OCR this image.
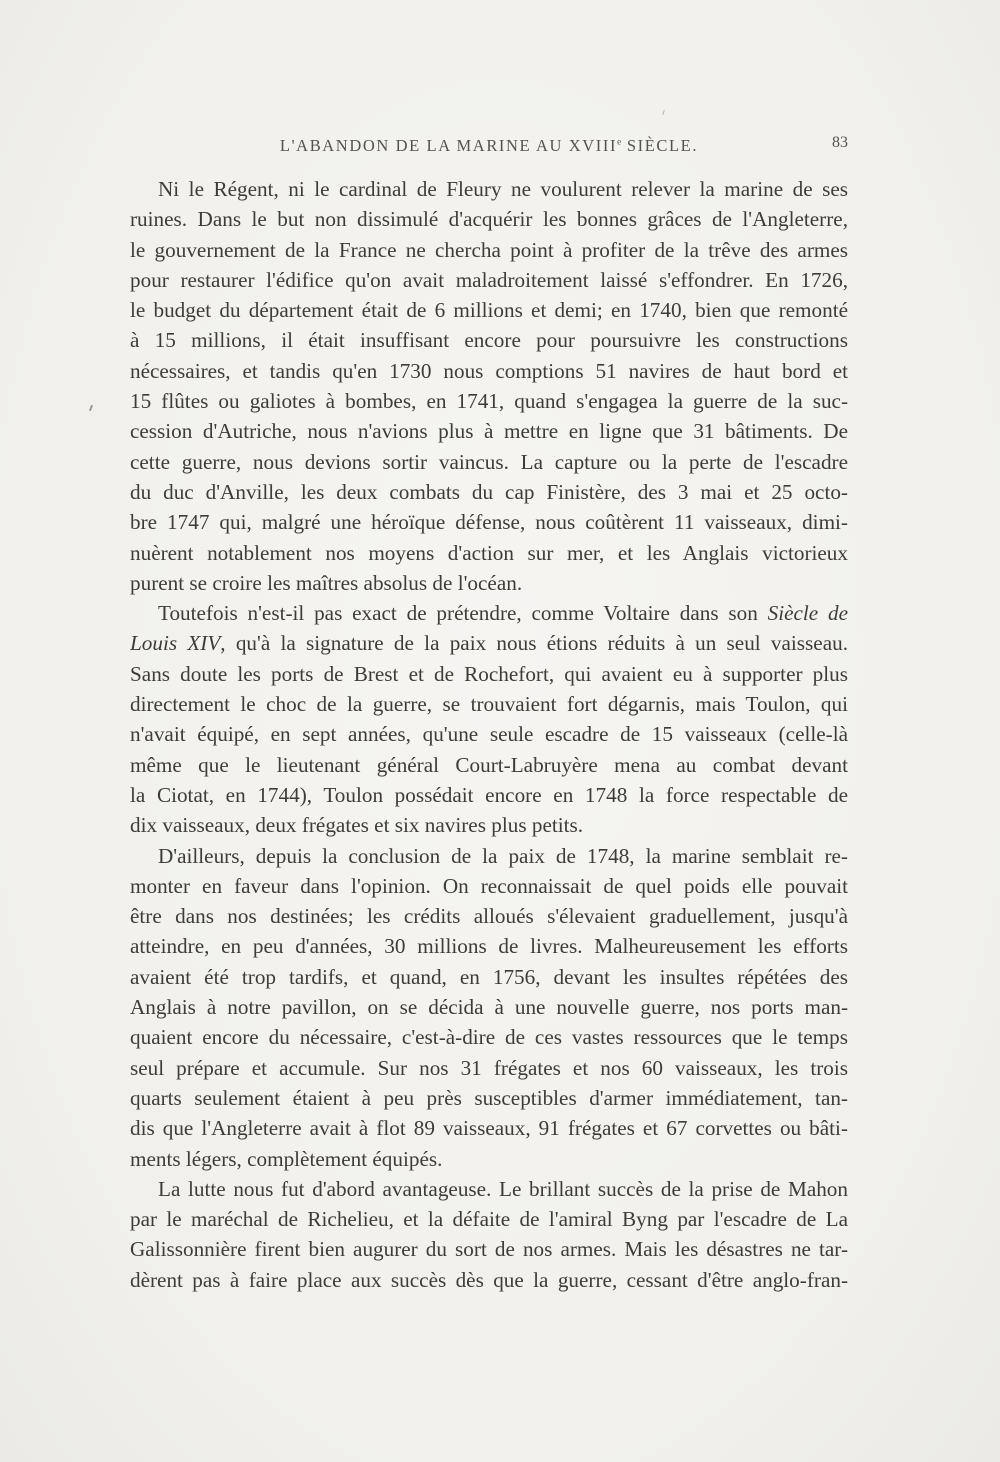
L'ABANDON DE LA MARINE AU XVIIIe SIÈCLE.	83
Ni le Régent, ni le cardinal de Fleury ne voulurent relever la marine de ses
ruines. Dans le but non dissimulé d'acquérir les bonnes grâces de l'Angleterre,
le gouvernement de la France ne chercha point à profiter de la trêve des armes
pour restaurer l'édifice qu'on avait maladroitement laissé s'effondrer. En 1726,
le budget du département était de 6 millions et demi; en 1740, bien que remonté
à 15 millions, il était insuffisant encore pour poursuivre les constructions
nécessaires, et tandis qu'en 1730 nous comptions 51 navires de haut bord et
15 flûtes ou galiotes à bombes, en 1741, quand s'engagea la guerre de la suc-
cession d'Autriche, nous n'avions plus à mettre en ligne que 31 bâtiments. De
cette guerre, nous devions sortir vaincus. La capture ou la perte de l'escadre
du duc d'Anville, les deux combats du cap Finistère, des 3 mai et 25 octo-
bre 1747 qui, malgré une héroïque défense, nous coûtèrent 11 vaisseaux, dimi-
nuèrent notablement nos moyens d'action sur mer, et les Anglais victorieux
purent se croire les maîtres absolus de l'océan.
Toutefois n'est-il pas exact de prétendre, comme Voltaire dans son Siècle de
Louis XIV, qu'à la signature de la paix nous étions réduits à un seul vaisseau.
Sans doute les ports de Brest et de Rochefort, qui avaient eu à supporter plus
directement le choc de la guerre, se trouvaient fort dégarnis, mais Toulon, qui
n'avait équipé, en sept années, qu'une seule escadre de 15 vaisseaux (celle-là
même que le lieutenant général Court-Labruyère mena au combat devant
la Ciotat, en 1744), Toulon possédait encore en 1748 la force respectable de
dix vaisseaux, deux frégates et six navires plus petits.
D'ailleurs, depuis la conclusion de la paix de 1748, la marine semblait re-
monter en faveur dans l'opinion. On reconnaissait de quel poids elle pouvait
être dans nos destinées; les crédits alloués s'élevaient graduellement, jusqu'à
atteindre, en peu d'années, 30 millions de livres. Malheureusement les efforts
avaient été trop tardifs, et quand, en 1756, devant les insultes répétées des
Anglais à notre pavillon, on se décida à une nouvelle guerre, nos ports man-
quaient encore du nécessaire, c'est-à-dire de ces vastes ressources que le temps
seul prépare et accumule. Sur nos 31 frégates et nos 60 vaisseaux, les trois
quarts seulement étaient à peu près susceptibles d'armer immédiatement, tan-
dis que l'Angleterre avait à flot 89 vaisseaux, 91 frégates et 67 corvettes ou bâti-
ments légers, complètement équipés.
La lutte nous fut d'abord avantageuse. Le brillant succès de la prise de Mahon
par le maréchal de Richelieu, et la défaite de l'amiral Byng par l'escadre de La
Galissonnière firent bien augurer du sort de nos armes. Mais les désastres ne tar-
dèrent pas à faire place aux succès dès que la guerre, cessant d'être anglo-fran-
